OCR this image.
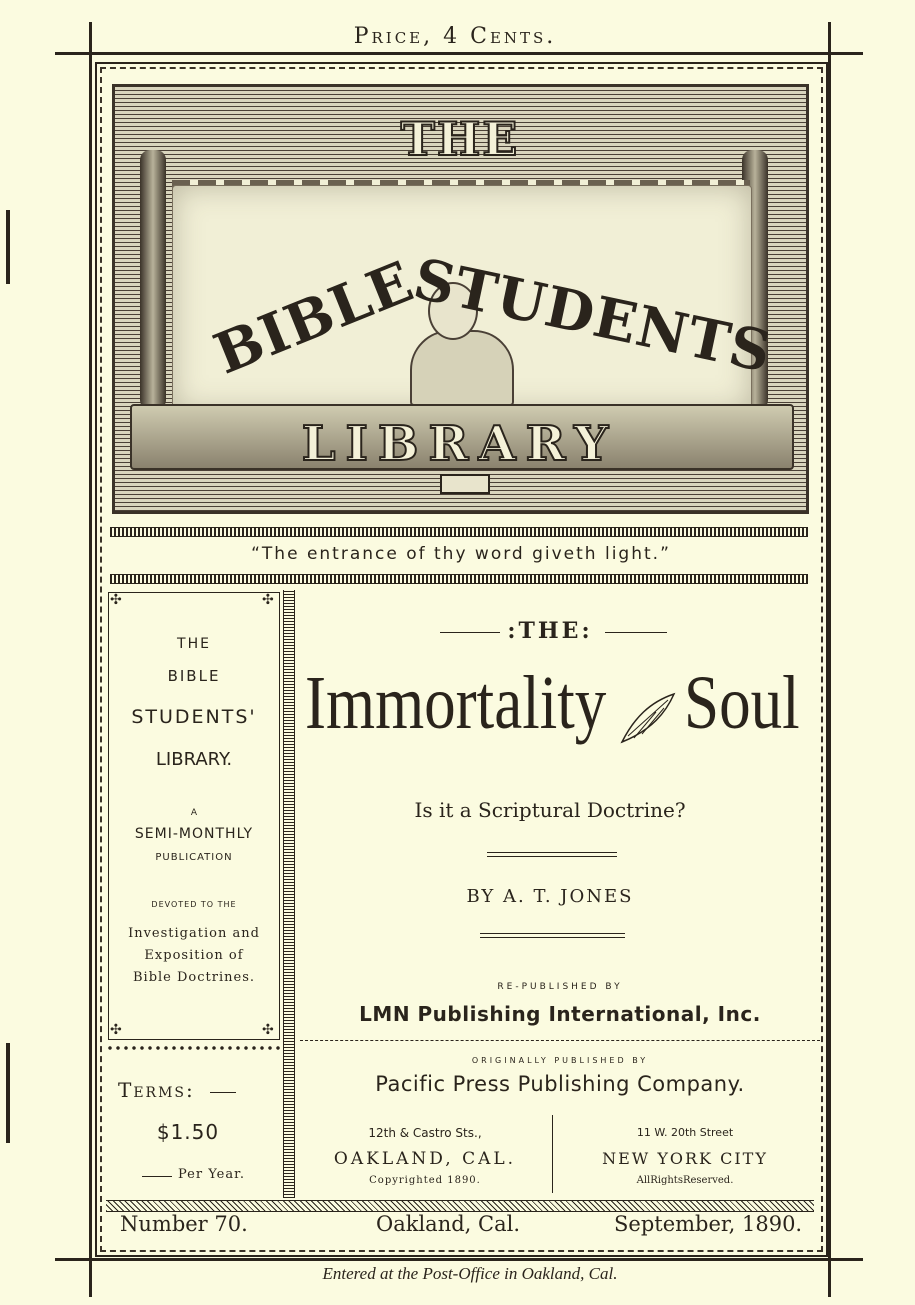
Price, 4 Cents.
THE
BIBLE
STUDENTS
LIBRARY
“The entrance of thy word giveth light.”
✣	✣
✣	✣
THE
BIBLE
STUDENTS'
LIBRARY.
A
SEMI-MONTHLY
PUBLICATION
DEVOTED TO THE
Investigation and
Exposition of
Bible Doctrines.
Terms:
$1.50
Per Year.
:THE:
Immortality Soul
Is it a Scriptural Doctrine?
BY A. T. JONES
RE-PUBLISHED BY
LMN Publishing International, Inc.
ORIGINALLY PUBLISHED BY
Pacific Press Publishing Company.
12th & Castro Sts.,
OAKLAND, CAL.
Copyrighted 1890.
11 W. 20th Street
NEW YORK CITY
AllRightsReserved.
Number 70.	Oakland, Cal.	September, 1890.
Entered at the Post-Office in Oakland, Cal.
